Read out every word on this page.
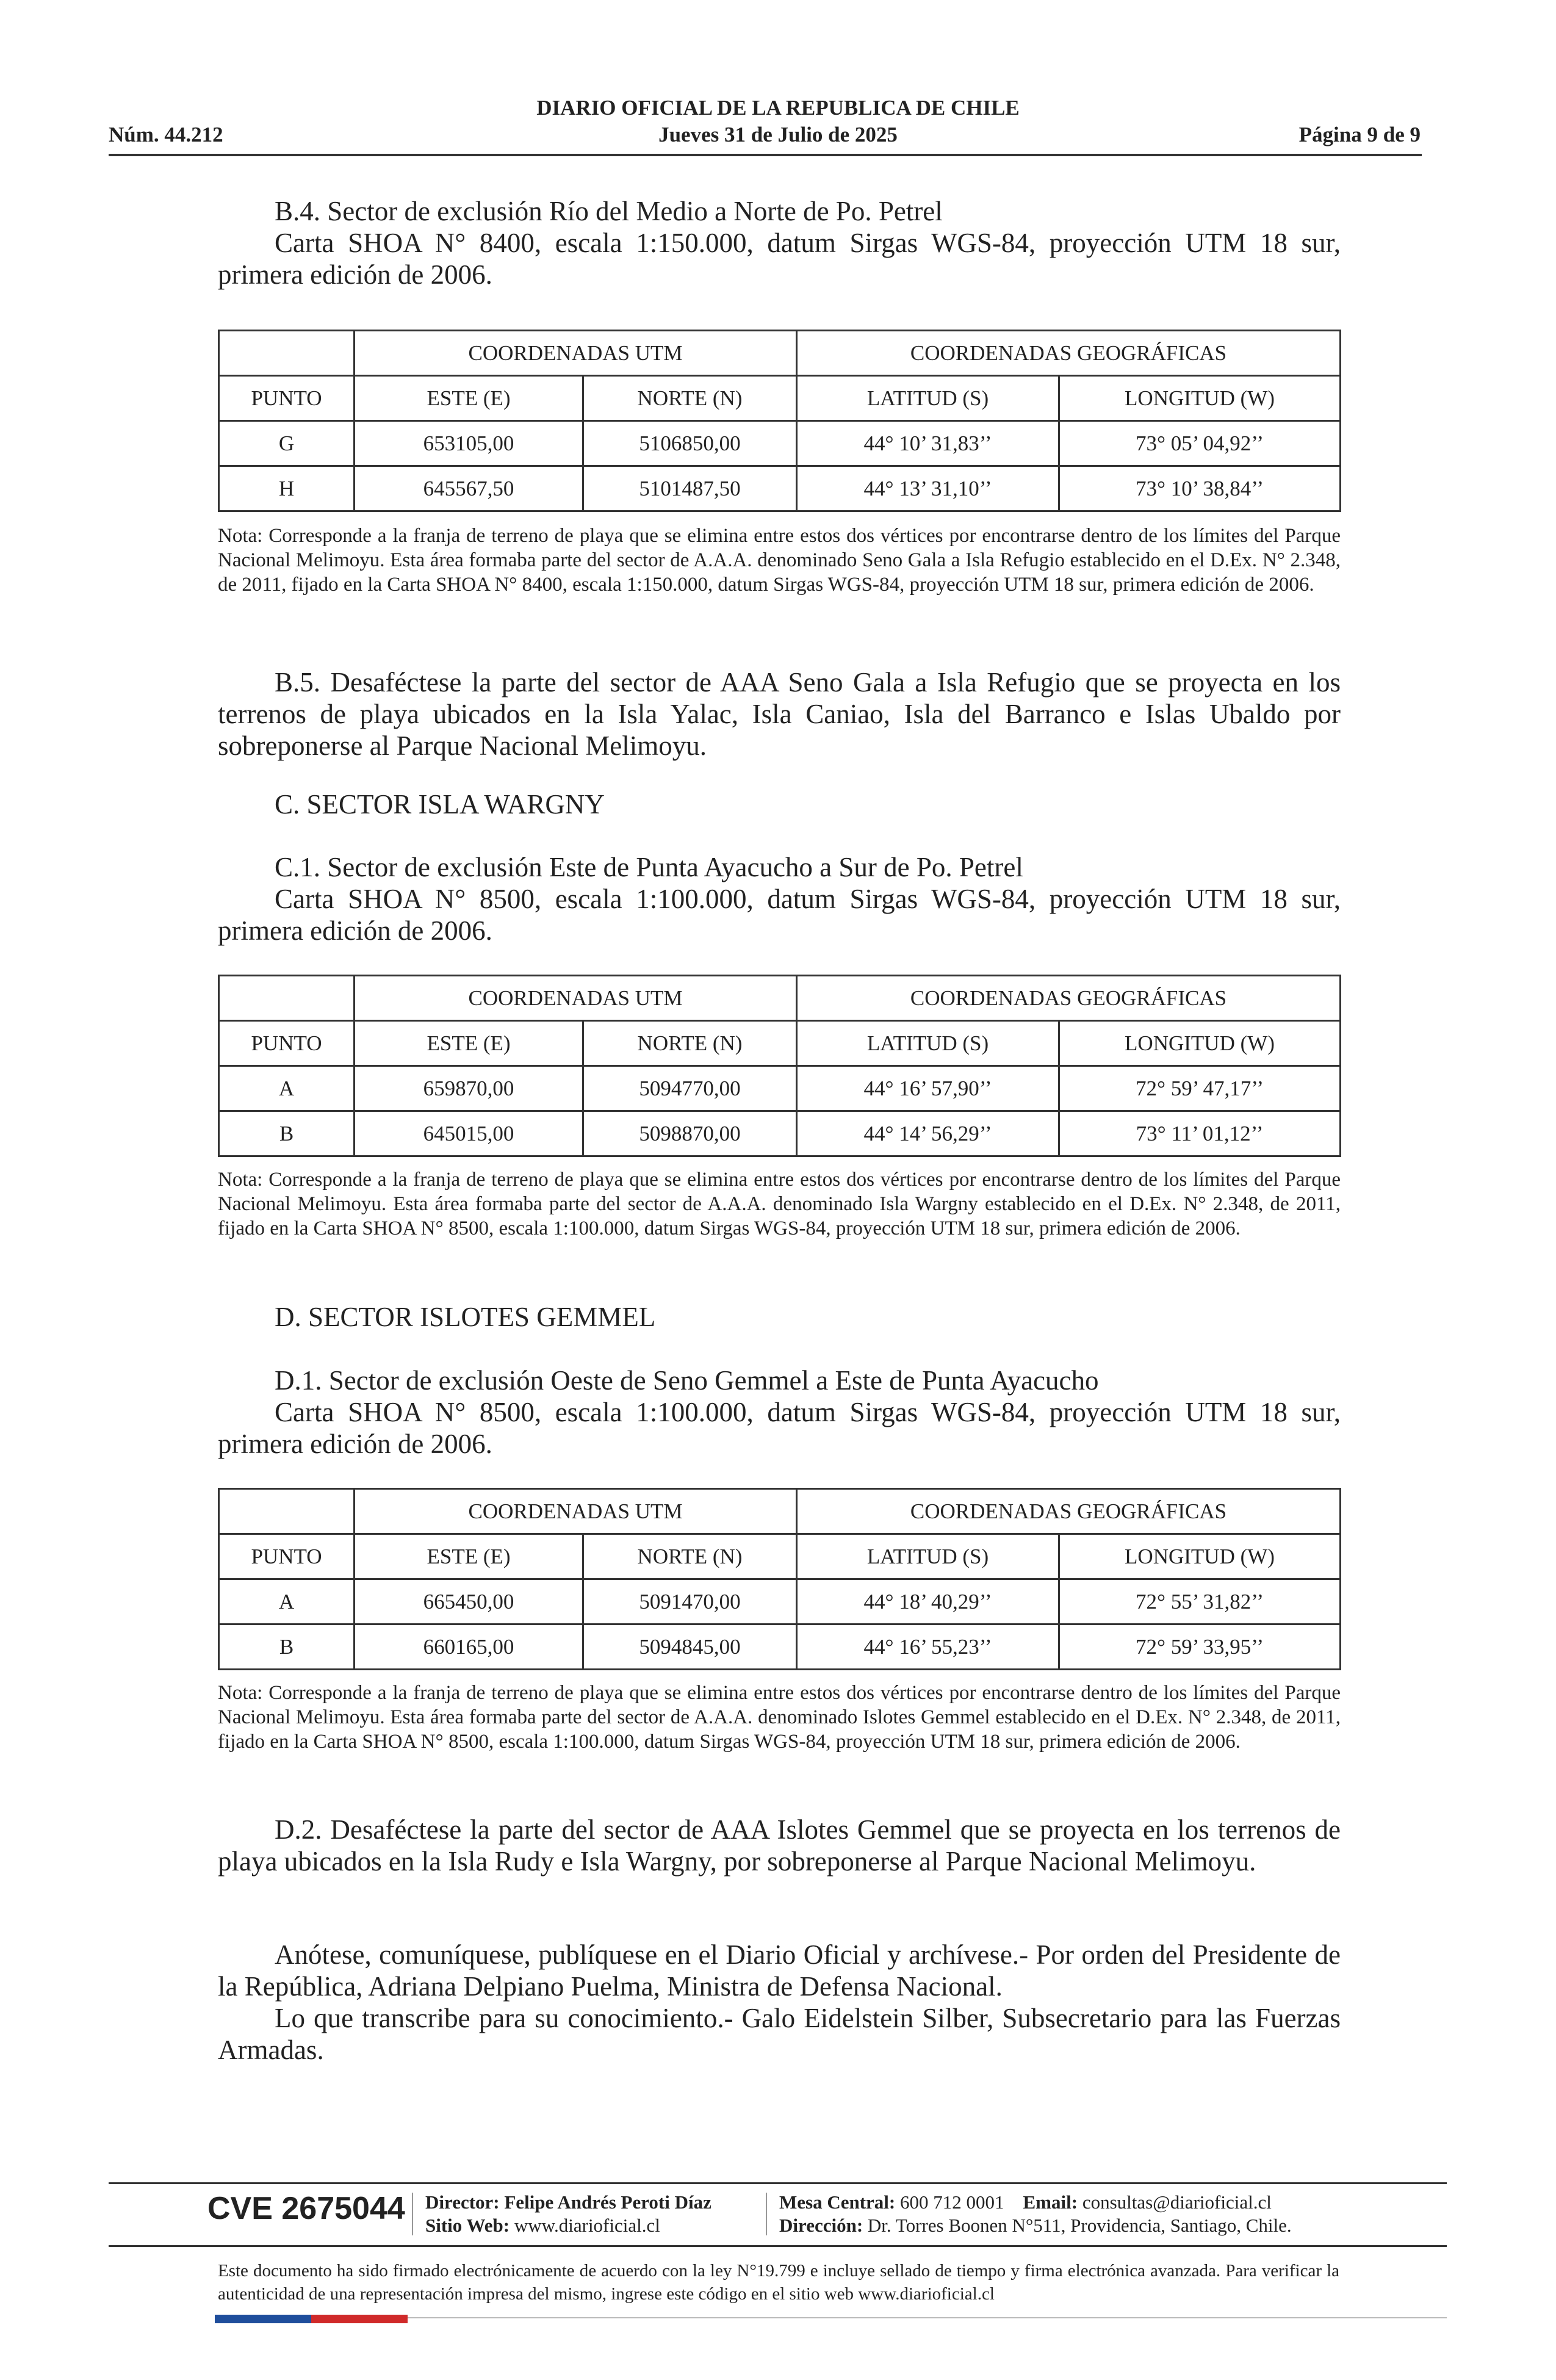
DIARIO OFICIAL DE LA REPUBLICA DE CHILE
Núm. 44.212	Jueves 31 de Julio de 2025	Página 9 de 9
B.4. Sector de exclusión Río del Medio a Norte de Po. Petrel

Carta SHOA N° 8400, escala 1:150.000, datum Sirgas WGS-84, proyección UTM 18 sur, primera edición de 2006.

	COORDENADAS UTM		COORDENADAS GEOGRÁFICAS	
PUNTO	ESTE (E)	NORTE (N)	LATITUD (S)	LONGITUD (W)
G	653105,00	5106850,00	44° 10’ 31,83’’	73° 05’ 04,92’’
H	645567,50	5101487,50	44° 13’ 31,10’’	73° 10’ 38,84’’
Nota: Corresponde a la franja de terreno de playa que se elimina entre estos dos vértices por encontrarse dentro de los límites del Parque Nacional Melimoyu. Esta área formaba parte del sector de A.A.A. denominado Seno Gala a Isla Refugio establecido en el D.Ex. N° 2.348, de 2011, fijado en la Carta SHOA N° 8400, escala 1:150.000, datum Sirgas WGS-84, proyección UTM 18 sur, primera edición de 2006.

B.5. Desaféctese la parte del sector de AAA Seno Gala a Isla Refugio que se proyecta en los terrenos de playa ubicados en la Isla Yalac, Isla Caniao, Isla del Barranco e Islas Ubaldo por sobreponerse al Parque Nacional Melimoyu.

C. SECTOR ISLA WARGNY
C.1. Sector de exclusión Este de Punta Ayacucho a Sur de Po. Petrel

Carta SHOA N° 8500, escala 1:100.000, datum Sirgas WGS-84, proyección UTM 18 sur, primera edición de 2006.

	COORDENADAS UTM		COORDENADAS GEOGRÁFICAS	
PUNTO	ESTE (E)	NORTE (N)	LATITUD (S)	LONGITUD (W)
A	659870,00	5094770,00	44° 16’ 57,90’’	72° 59’ 47,17’’
B	645015,00	5098870,00	44° 14’ 56,29’’	73° 11’ 01,12’’
Nota: Corresponde a la franja de terreno de playa que se elimina entre estos dos vértices por encontrarse dentro de los límites del Parque Nacional Melimoyu. Esta área formaba parte del sector de A.A.A. denominado Isla Wargny establecido en el D.Ex. N° 2.348, de 2011, fijado en la Carta SHOA N° 8500, escala 1:100.000, datum Sirgas WGS-84, proyección UTM 18 sur, primera edición de 2006.
D. SECTOR ISLOTES GEMMEL
D.1. Sector de exclusión Oeste de Seno Gemmel a Este de Punta Ayacucho

Carta SHOA N° 8500, escala 1:100.000, datum Sirgas WGS-84, proyección UTM 18 sur, primera edición de 2006.

	COORDENADAS UTM		COORDENADAS GEOGRÁFICAS	
PUNTO	ESTE (E)	NORTE (N)	LATITUD (S)	LONGITUD (W)
A	665450,00	5091470,00	44° 18’ 40,29’’	72° 55’ 31,82’’
B	660165,00	5094845,00	44° 16’ 55,23’’	72° 59’ 33,95’’
Nota: Corresponde a la franja de terreno de playa que se elimina entre estos dos vértices por encontrarse dentro de los límites del Parque Nacional Melimoyu. Esta área formaba parte del sector de A.A.A. denominado Islotes Gemmel establecido en el D.Ex. N° 2.348, de 2011, fijado en la Carta SHOA N° 8500, escala 1:100.000, datum Sirgas WGS-84, proyección UTM 18 sur, primera edición de 2006.

D.2. Desaféctese la parte del sector de AAA Islotes Gemmel que se proyecta en los terrenos de playa ubicados en la Isla Rudy e Isla Wargny, por sobreponerse al Parque Nacional Melimoyu.

Anótese, comuníquese, publíquese en el Diario Oficial y archívese.- Por orden del Presidente de la República, Adriana Delpiano Puelma, Ministra de Defensa Nacional.

Lo que transcribe para su conocimiento.- Galo Eidelstein Silber, Subsecretario para las Fuerzas Armadas.

CVE 2675044 Director: Felipe Andrés Peroti Díaz
Sitio Web: www.diarioficial.cl
Mesa Central: 600 712 0001 Email: consultas@diarioficial.cl
Dirección: Dr. Torres Boonen N°511, Providencia, Santiago, Chile.
Este documento ha sido firmado electrónicamente de acuerdo con la ley N°19.799 e incluye sellado de tiempo y firma electrónica avanzada. Para verificar la autenticidad de una representación impresa del mismo, ingrese este código en el sitio web www.diarioficial.cl
